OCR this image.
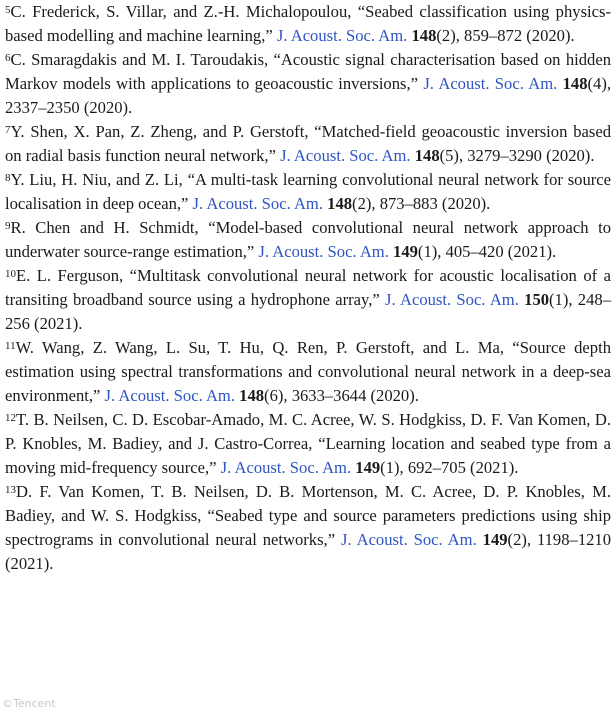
$^5$C. Frederick, S. Villar, and Z.-H. Michalopoulou, “Seabed classification using physics-based modelling and machine learning,” J. Acoust. Soc. Am. 148(2), 859–872 (2020).

$^6$C. Smaragdakis and M. I. Taroudakis, “Acoustic signal characterisation based on hidden Markov models with applications to geoacoustic inversions,” J. Acoust. Soc. Am. 148(4), 2337–2350 (2020).

$^7$Y. Shen, X. Pan, Z. Zheng, and P. Gerstoft, “Matched-field geoacoustic inversion based on radial basis function neural network,” J. Acoust. Soc. Am. 148(5), 3279–3290 (2020).

$^8$Y. Liu, H. Niu, and Z. Li, “A multi-task learning convolutional neural network for source localisation in deep ocean,” J. Acoust. Soc. Am. 148(2), 873–883 (2020).

$^9$R. Chen and H. Schmidt, “Model-based convolutional neural network approach to underwater source-range estimation,” J. Acoust. Soc. Am. 149(1), 405–420 (2021).

$^{10}$E. L. Ferguson, “Multitask convolutional neural network for acoustic localisation of a transiting broadband source using a hydrophone array,” J. Acoust. Soc. Am. 150(1), 248–256 (2021).

$^{11}$W. Wang, Z. Wang, L. Su, T. Hu, Q. Ren, P. Gerstoft, and L. Ma, “Source depth estimation using spectral transformations and convolutional neural network in a deep-sea environment,” J. Acoust. Soc. Am. 148(6), 3633–3644 (2020).

$^{12}$T. B. Neilsen, C. D. Escobar-Amado, M. C. Acree, W. S. Hodgkiss, D. F. Van Komen, D. P. Knobles, M. Badiey, and J. Castro-Correa, “Learning location and seabed type from a moving mid-frequency source,” J. Acoust. Soc. Am. 149(1), 692–705 (2021).

$^{13}$D. F. Van Komen, T. B. Neilsen, D. B. Mortenson, M. C. Acree, D. P. Knobles, M. Badiey, and W. S. Hodgkiss, “Seabed type and source parameters predictions using ship spectrograms in convolutional neural networks,” J. Acoust. Soc. Am. 149(2), 1198–1210 (2021).

©Tencent
